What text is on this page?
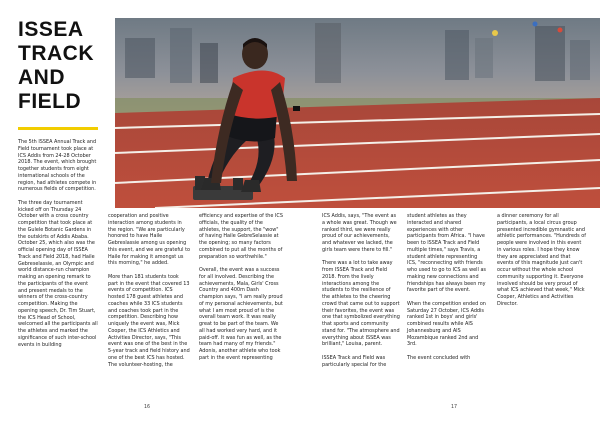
ISSEA
TRACK
AND
FIELD

The 5th ISSEA Annual Track and Field tournament took place at ICS Addis from 24-28 October 2018. The event, which brought together students from eight international schools of the region, had athletes compete in numerous fields of competition.

The three day tournament kicked off on Thursday 24 October with a cross country competition that took place at the Gulele Botanic Gardens in the outskirts of Addis Ababa. October 25, which also was the official opening day of ISSEA Track and Field 2018, had Haile Gebreselassie, an Olympic and world distance-run champion making an opening remark to the participants of the event and present medals to the winners of the cross-country competition. Making the opening speech, Dr. Tim Stuart, the ICS Head of School, welcomed all the participants all the athletes and marked the significance of such inter-school events in building

cooperation and positive interaction among students in the region. "We are particularly honored to have Haile Gebreslassie among us opening this event, and we are grateful to Haile for making it amongst us this morning," he added.

More than 181 students took part in the event that covered 13 events of competition. ICS hosted 178 guest athletes and coaches while 33 ICS students and coaches took part in the competition. Describing how uniquely the event was, Mick Cooper, the ICS Athletics and Activities Director, says, "This event was one of the best in the 5-year track and field history and one of the best ICS has hosted. The volunteer-hosting, the

efficiency and expertise of the ICS officials, the quality of the athletes, the support, the "wow" of having Haile GebreSelassie at the opening; so many factors combined to put all the months of preparation so worthwhile."

Overall, the event was a success for all involved. Describing the achievements, Mala, Girls' Cross Country and 400m Dash champion says, "I am really proud of my personal achievements, but what I am most proud of is the overall team work. It was really great to be part of the team. We all had worked very hard, and it paid-off. It was fun as well, as the team had many of my friends." Adonis, another athlete who took part in the event representing

ICS Addis, says, "The event as a whole was great. Though we ranked third, we were really proud of our achievements, and whatever we lacked, the girls team were there to fill."

There was a lot to take away from ISSEA Track and Field 2018. From the lively interactions among the students to the resilience of the athletes to the cheering crowd that came out to support their favorites, the event was one that symbolized everything that sports and community stand for. "The atmosphere and everything about ISSEA was brilliant," Louisa, parent.

ISSEA Track and Field was particularly special for the

student athletes as they interacted and shared experiences with other participants from Africa. "I have been to ISSEA Track and Field multiple times," says Travis, a student athlete representing ICS, "reconnecting with friends who used to go to ICS as well as making new connections and friendships has always been my favorite part of the event.

When the competition ended on Saturday 27 October, ICS Addis ranked 1st in boys' and girls' combined results while AIS Johannesburg and AIS Mozambique ranked 2nd and 3rd.

The event concluded with

a dinner ceremony for all participants, a local circus group presented incredible gymnastic and athletic performances. "Hundreds of people were involved in this event in various roles. I hope they know they are appreciated and that events of this magnitude just can't occur without the whole school community supporting it. Everyone involved should be very proud of what ICS achieved that week," Mick Cooper, Athletics and Activities Director.

16	17
